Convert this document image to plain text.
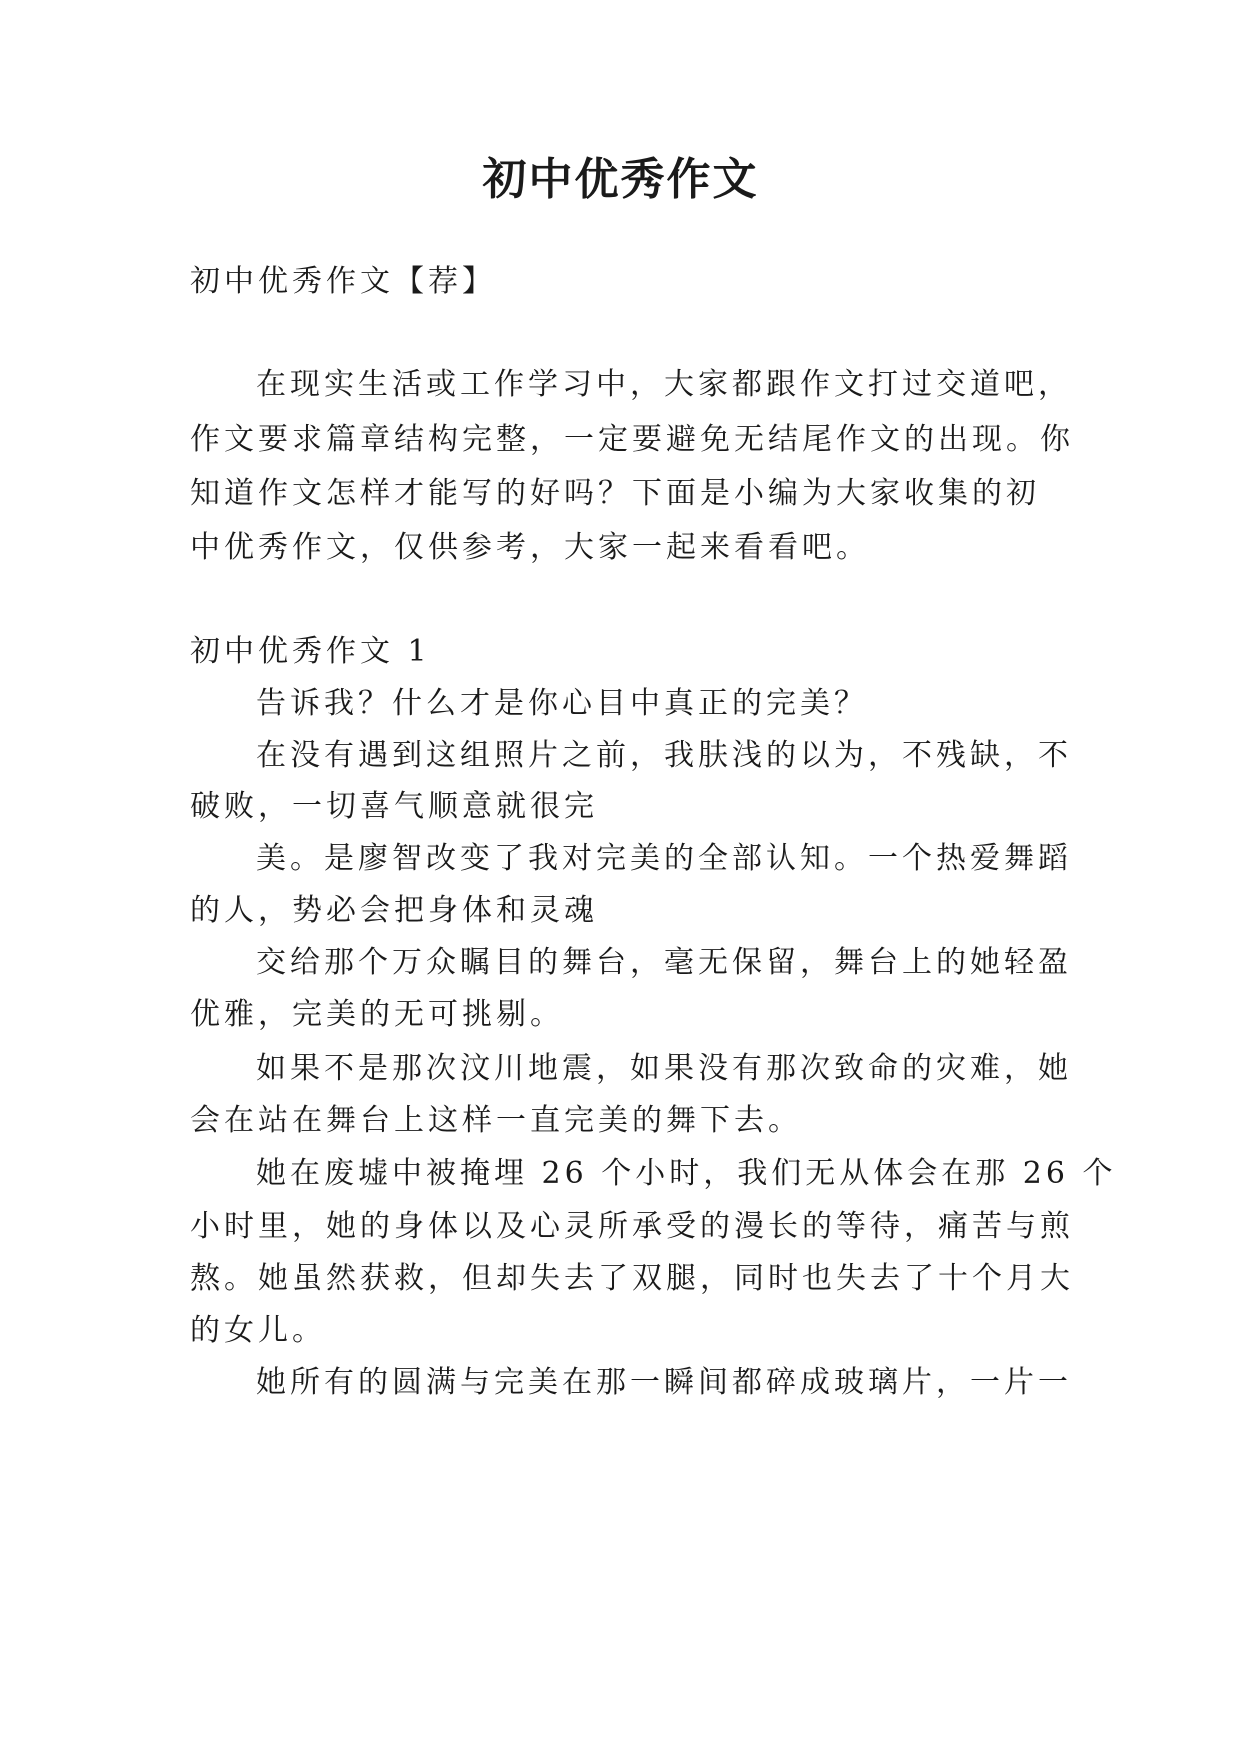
初中优秀作文
初中优秀作文【荐】
在现实生活或工作学习中，大家都跟作文打过交道吧，
作文要求篇章结构完整，一定要避免无结尾作文的出现。你
知道作文怎样才能写的好吗？下面是小编为大家收集的初
中优秀作文，仅供参考，大家一起来看看吧。
初中优秀作文 1
告诉我？什么才是你心目中真正的完美？
在没有遇到这组照片之前，我肤浅的以为，不残缺，不
破败，一切喜气顺意就很完
美。是廖智改变了我对完美的全部认知。一个热爱舞蹈
的人，势必会把身体和灵魂
交给那个万众瞩目的舞台，毫无保留，舞台上的她轻盈
优雅，完美的无可挑剔。
如果不是那次汶川地震，如果没有那次致命的灾难，她
会在站在舞台上这样一直完美的舞下去。
她在废墟中被掩埋 26 个小时，我们无从体会在那 26 个
小时里，她的身体以及心灵所承受的漫长的等待，痛苦与煎
熬。她虽然获救，但却失去了双腿，同时也失去了十个月大
的女儿。
她所有的圆满与完美在那一瞬间都碎成玻璃片，一片一
